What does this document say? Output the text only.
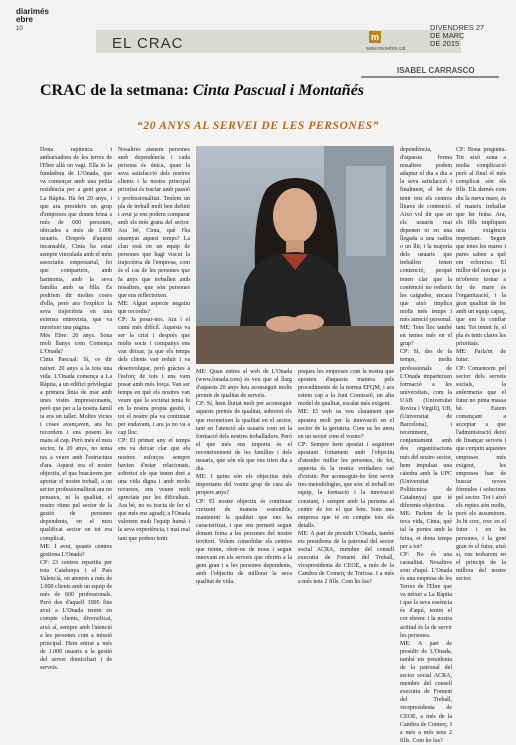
diarimés
ebre
10
EL CRAC	m
www.mesebre.cat
DIVENDRES 27
DE MARÇ
DE 2015
ISABEL CARRASCO
CRAC de la setmana: Cinta Pascual i Montañés
“20 ANYS AL SERVEI DE LES PERSONES”
Dona rapitenca i ambaixadora de les terres de l'Ebre allà on vagi. Ella és la fundadora de L'Onada, que va començar amb una petita residència per a gent gran a La Ràpita. Ha fet 20 anys, i que ara presideix un grup d'empreses que donen feina a més de 600 persones, ubicades a més de 1.000 usuaris. Després d'aquest incansable, Cinta ha estat sempre vinculada amb el món associatiu empresarial, fet que comparteix, amb harmonia, amb la seva família amb sa filla. És podríem dir moltes coses d'ella, però ara t'explico la seva trajectòria en una extensa entrevista, que va mereixer una pàgina.
Més Ebre: 20 anys. Sona molt llunys com Comença L'Onada?
Cinta Pascual: Sí, es dir naixer. 20 anys a la tota una vida. L'Onada comença a La Ràpita, a un edifici privilegiat a primera línia de mar amb unes vistes impressionants, però que per a la nostra famíl ia era un taller. Moltes vicies i coses avançaven, ara ho recordem i ens posem les mans al cap. Però més el meu sector, fa 20 anys, no tenia res a veure amb l'estructura d'ara. Aquest era el nostre objectiu, el que buscàvem per aportar el nostre treball, a un sector professionalitzat ara no pensava, ni la qualitat, el nostre ritme pel sector de la gestió de persones dependents, en el meu qualificat sector on tot era complicat.
ME: I avui, quants centres gestiona L'Onada?
CP: 23 centres repartits per tota Catalunya i el País Valencià, on atenem a més de 1.000 clients amb un equip de més de 600 professionals. Però des d'aquell 1995 fins avui a L'Onada tenim en compte clients, diversificat, això sí, sempre amb l'atenció a les persones com a missió principal. Hem entrat a més de 1.000 usuaris a la gestió del servei domiciliari i de serveis.
Nosaltres atenem persones amb dependència i cada persona és única, quan la seva satisfacció dels nostres clients i la nostra principal prioritat és tractar amb passió i professionalitat. Teníem un pla de treball molt ben definit i avui ja ens podem comparar amb els més grans del sector. Ara bé, Cinta, què t'ha ensenyat aquest temps? La clau està en un equip de persones que hagi viscut la trajectòria de l'empresa, com és el cas de les persones que fa anys que treballen amb nosaltres, que són persones que ens reflecteixen.
ME: Algun aspecte negatiu que recordis?
CP: Ja posar-nos. Ara i el camí més difícil. Aquests va ser la crisi i després que molts socis i companys ens van deixar, ja que els temps dels clients van reduir i va desenvolupar, però gràcies a l'esforç de tots i ens vam posar amb més força. Van ser temps en què els nostres van veure que la societat tenia fe en la nostra propia gestió, i tot el nostre pla va continuar per endavant, i ara ja no va a cap lloc.
CP: El primer any el temps ens va deixar clar que els nostres esforços sempre havien d'estar relacionats, sobretot els que tenen dret a una vida digna i amb molts recursos, ens veuen molt apreciats per les dificultats. Ara bé, no es tracta de fer el que més ens agradi; a l'Onada valorem molt l'equip humà i la seva experiència, i mai mai tant que podem tenir.
ME: Quan entres al web de L'Onada (www.lonada.com) es veu que al llarg d'aquests 20 anys heu aconseguit molts premis de qualitat de serveis.
CP: Sí, hem lluitat molt per aconseguir aquests premis de qualitat, sobretot els que reconeixen la qualitat en el sector, tant en l'atenció als usuaris com en la formació dels nostres treballadors. Però el que més ens importa és el reconeixement de les famílies i dels usuaris, que són els que ens trien dia a dia.
ME: I quins són els objectius més importants del vostre grup de cara als propers anys?
CP: El nostre objectiu és continuar creixent de manera sostenible, mantenint la qualitat que ens ha caracteritzat, i que ens permeti seguir donant feina a les persones del nostre territori. Volem consolidar els centres que tenim, obrir-ne de nous i seguir innovant en els serveis que oferim a la gent gran i a les persones dependents, amb l'objectiu de millorar la seva qualitat de vida.
poques les empreses com la nostra que aposten d'aquesta manera pels procediments de la norma EFQM, i ara estem cap a la Junt Comissió, un alta model de qualitat, escalat més exigent.
ME: El web us veu clarament que aposteu molt per la innovació en el sector de la geriatria. Com us ho aneu en un sector com el vostre?
CP: Sempre hem apostat i seguirem apostant fortament amb l'objectiu d'atendre millor les persones, de fet, aquesta és la nostra verdadera raó d'existir. Per aconseguir-ho fem servir tres metodologies, que són: el treball en equip, la formació i la innovació constant, i sempre amb la persona al centre de tot el que fem. Som una empresa que té en compte tots els detalls.
ME: A part de presidir L'Onada, també ets presidenta de la patronal del sector social ACRA, membre del consell executiu de Foment del Treball, vicepresidenta de CEOE, a més de la Cambra de Comerç de Tortosa. I a més a més tens 2 fills. Com ho fas?
dependència, d'aquesta forma nosaltres podem adaptar el dia a dia a la seva satisfacció i finalment, el fet de tenir tots els centres lliures de contenció. Això vol dir que en els usuaris mai depenen ni en una llegada a una cadira o un llit, i la majoria dels usuaris que treballen tenen contenció, perquè tenen clar que la contenció no redueix les caigudes, encara que això implica molts més temps i més atenció personal.
ME: Tens lloc també en temes més en el grup?
CP: Sí, des de fa temps, molts professionals de L'Onada imparteixen formació a les universitats, com la UAB (Universitat Rovira i Virgili), UB, (Universitat de Barcelona), i recentment, conjuntament amb dos organitzacions més del nostre sector, hem impulsat una càtedra amb la UPC (Universitat Politècnica de Catalunya) que té diferents objectius.
ME: Parlem de la teva vida, Cinta, què tal la portes amb la feina, et dona temps per a tot?
CP: No és una casualitat. Nosaltres som d'aquí. L'Onada és una empresa de les Terres de l'Ebre que va néixer a La Ràpita i que la seva essència és d'aquí, tenim el cor ebrenc i la nostra actitud és la de servir les persones.
ME: A part de presidir de L'Onada, també ets presidenta de la patronal del sector social ACRA, membre del consell executiu de Foment del Treball, vicepresidenta de CEOE, a més de la Cambra de Comerç. I a més a més tens 2 fills. Com ho fas?
CP: Bona pregunta. Tot això sona a molta complicació però al final el més complicat són els fills. Els demés com diu la meva mare, és el mateix treballar que fer feina. Ara, els fills impliquen una exigència important. Seguir que totes les mares i pares saben a què em refereixo. El millor del nou que ja m'ofereix tornar a fer de mare és l'organització, i la gran qualitat de fer amb un equip capaç, que em fa confiar tant. Tot tenint fe, el pla és tenir clares les prioritats.
ME: Parla'm de futur.
CP: Comencem pel sector dels serveis socials, la enfermeria que el futur no pinta massa bé. Estem començant a acceptar a que l'administració deixi de finançar serveis i que cerquin aquestes empreses més exigent, les empreses han de buscar noves fórmules i solucions pel sector. Tot i això els reptes són molts, però els assumirem. Jo hi crec, crec en el futur i en les persones, i la gent gran és el futur, això sí, ens trobarem en el principi de la millora del nostre sector.
